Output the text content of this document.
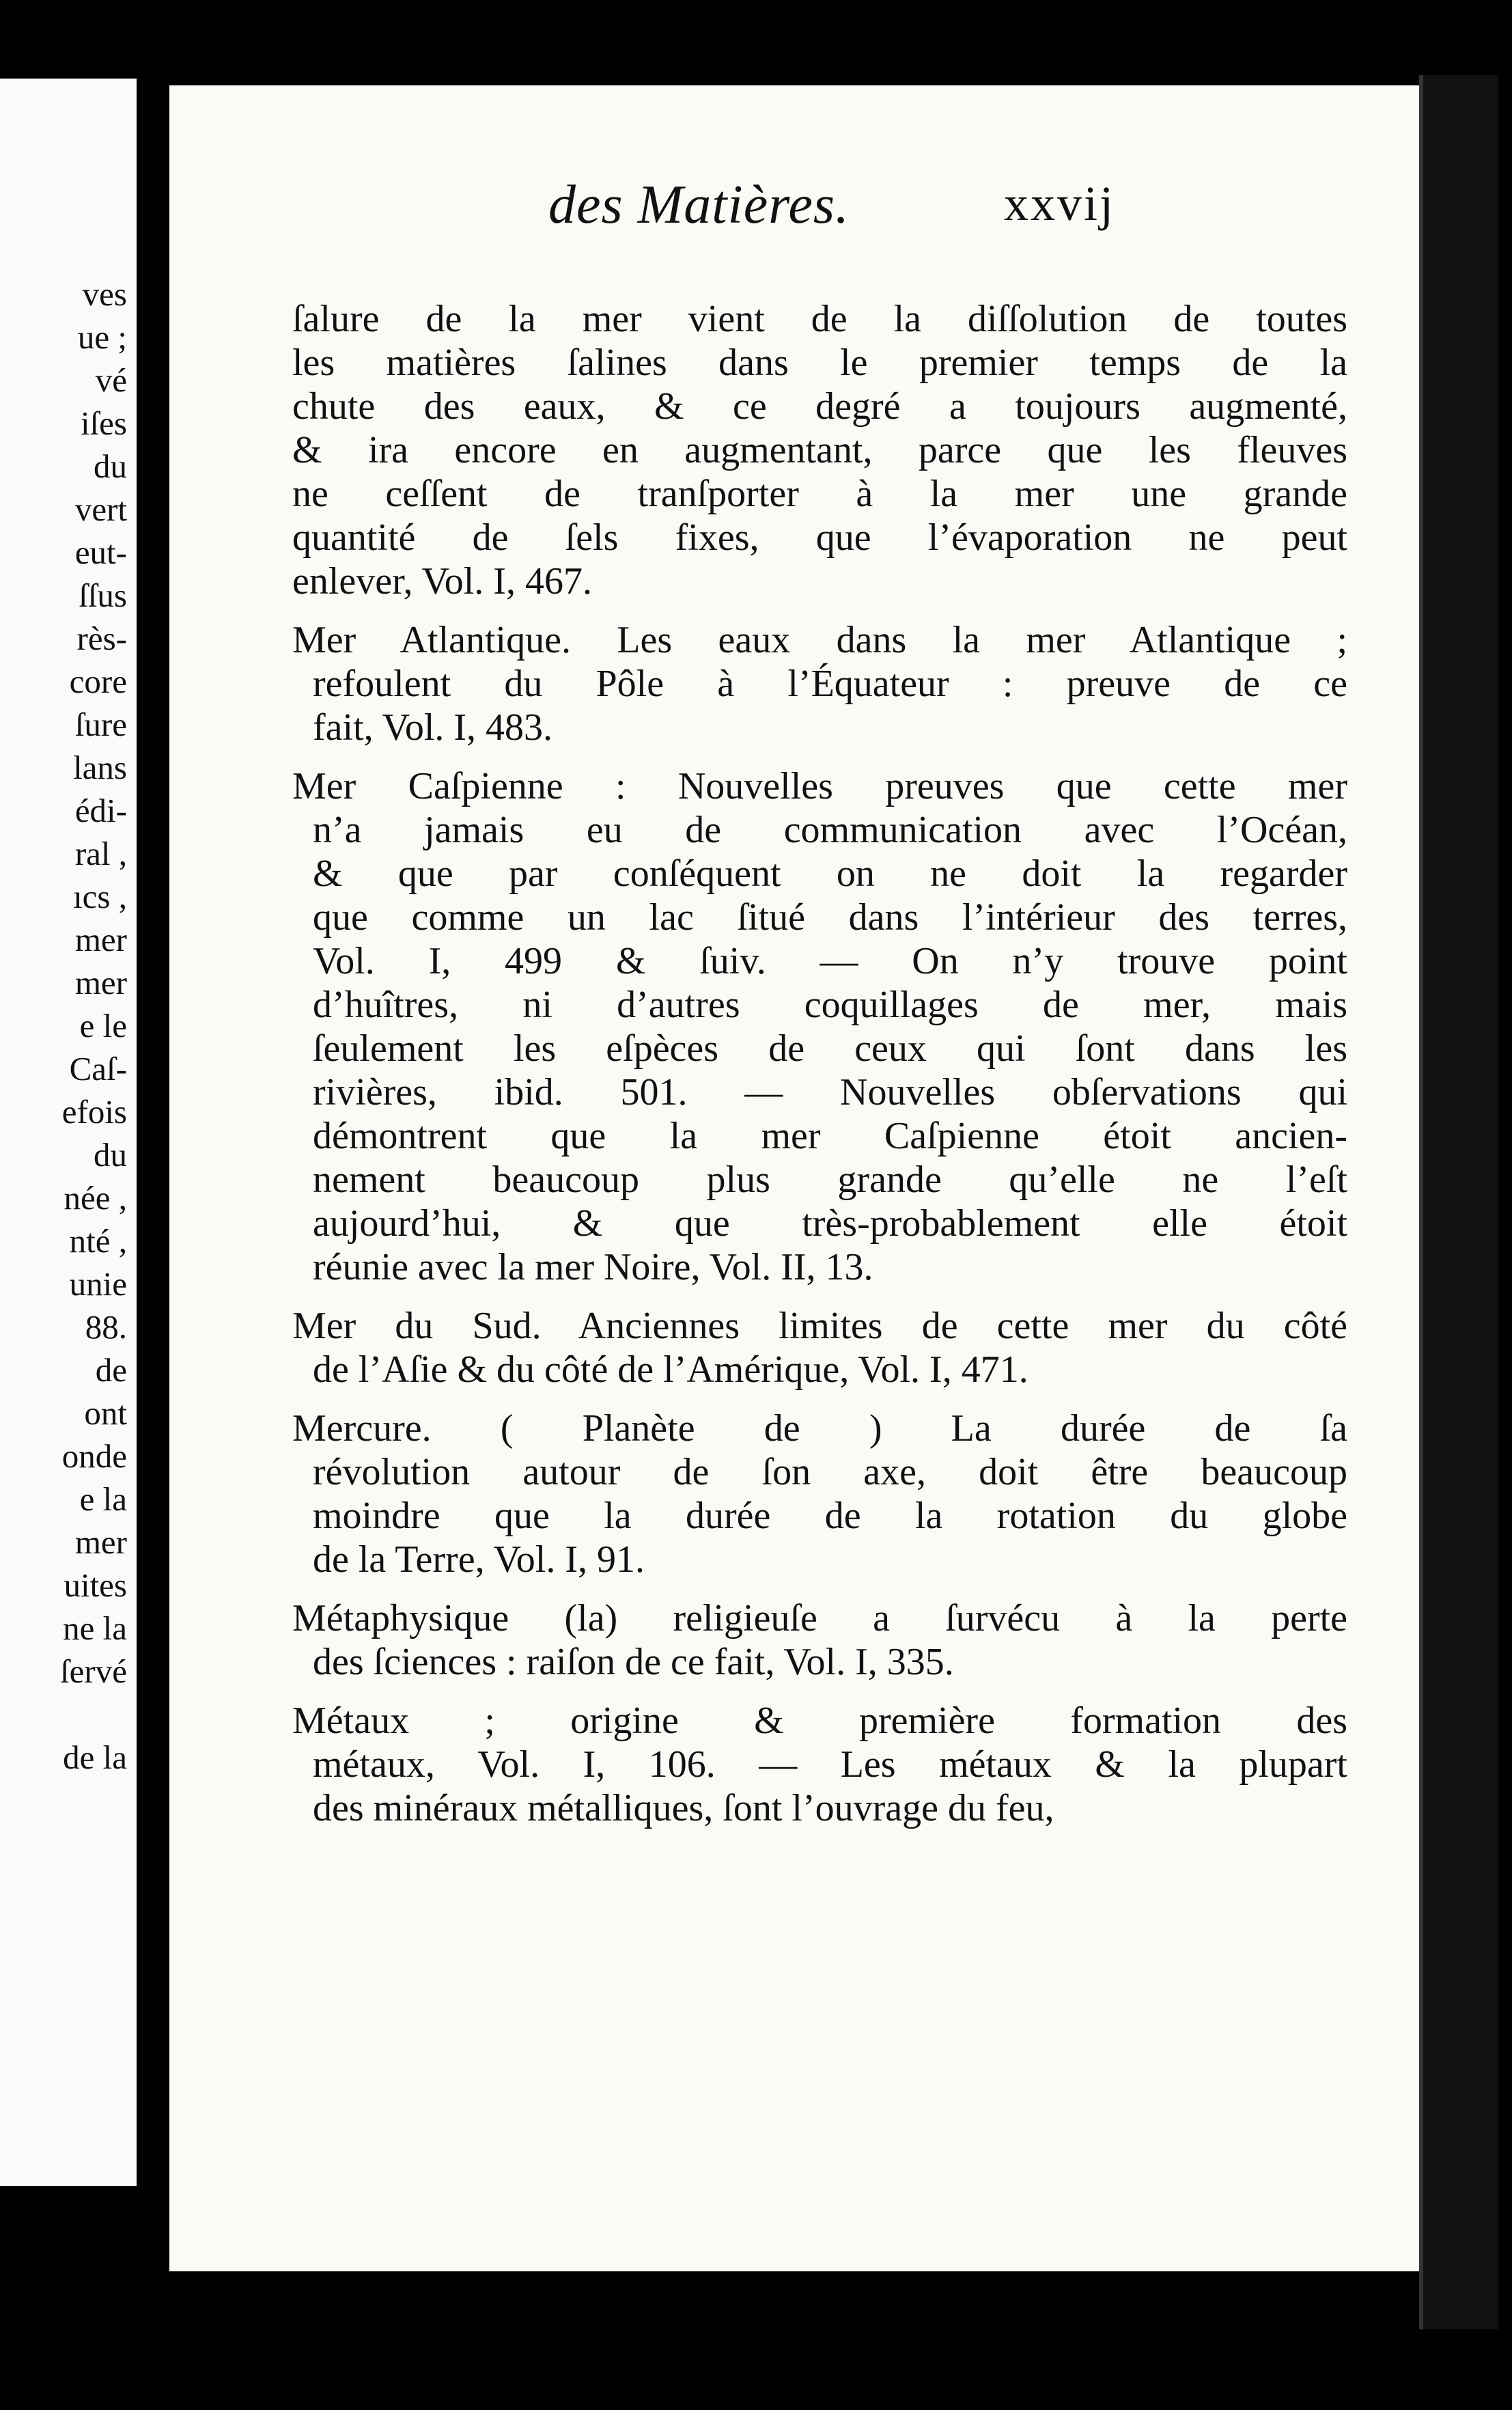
ves
ue ;
vé
iſes
du
vert
eut-
ſſus
rès-
core
ſure
lans
édi-
ral ,
ıcs ,
mer
mer
e le
Caſ-
efois
du
née ,
nté ,
unie
88.
de
ont
onde
e la
mer
uites
ne la
ſervé
de la
des Matières.	xxvij
ſalure de la mer vient de la diſſolution de toutes
les matières ſalines dans le premier temps de la
chute des eaux, & ce degré a toujours augmenté,
& ira encore en augmentant, parce que les fleuves
ne ceſſent de tranſporter à la mer une grande
quantité de ſels fixes, que l’évaporation ne peut
enlever, Vol. I, 467.
Mer Atlantique. Les eaux dans la mer Atlantique ;
refoulent du Pôle à l’Équateur : preuve de ce
fait, Vol. I, 483.
Mer Caſpienne : Nouvelles preuves que cette mer
n’a jamais eu de communication avec l’Océan,
& que par conſéquent on ne doit la regarder
que comme un lac ſitué dans l’intérieur des terres,
Vol. I, 499 & ſuiv. — On n’y trouve point
d’huîtres, ni d’autres coquillages de mer, mais
ſeulement les eſpèces de ceux qui ſont dans les
rivières, ibid. 501. — Nouvelles obſervations qui
démontrent que la mer Caſpienne étoit ancien-
nement beaucoup plus grande qu’elle ne l’eſt
aujourd’hui, & que très-probablement elle étoit
réunie avec la mer Noire, Vol. II, 13.
Mer du Sud. Anciennes limites de cette mer du côté
de l’Aſie & du côté de l’Amérique, Vol. I, 471.
Mercure. ( Planète de ) La durée de ſa
révolution autour de ſon axe, doit être beaucoup
moindre que la durée de la rotation du globe
de la Terre, Vol. I, 91.
Métaphysique (la) religieuſe a ſurvécu à la perte
des ſciences : raiſon de ce fait, Vol. I, 335.
Métaux ; origine & première formation des
métaux, Vol. I, 106. — Les métaux & la plupart
des minéraux métalliques, ſont l’ouvrage du feu,
